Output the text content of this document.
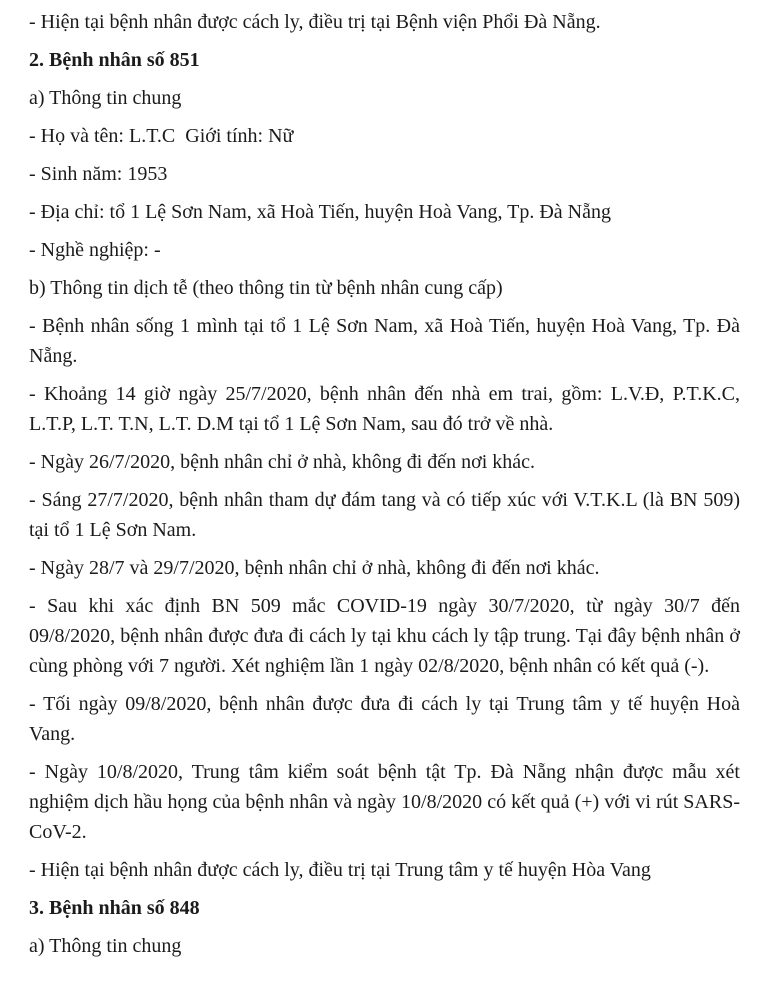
- Hiện tại bệnh nhân được cách ly, điều trị tại Bệnh viện Phổi Đà Nẵng.

2. Bệnh nhân số 851

a) Thông tin chung

- Họ và tên: L.T.C  Giới tính: Nữ

- Sinh năm: 1953

- Địa chỉ: tổ 1 Lệ Sơn Nam, xã Hoà Tiến, huyện Hoà Vang, Tp. Đà Nẵng

- Nghề nghiệp: -

b) Thông tin dịch tễ (theo thông tin từ bệnh nhân cung cấp)

- Bệnh nhân sống 1 mình tại tổ 1 Lệ Sơn Nam, xã Hoà Tiến, huyện Hoà Vang, Tp. Đà Nẵng.

- Khoảng 14 giờ ngày 25/7/2020, bệnh nhân đến nhà em trai, gồm: L.V.Đ, P.T.K.C, L.T.P, L.T. T.N, L.T. D.M tại tổ 1 Lệ Sơn Nam, sau đó trở về nhà.

- Ngày 26/7/2020, bệnh nhân chỉ ở nhà, không đi đến nơi khác.

- Sáng 27/7/2020, bệnh nhân tham dự đám tang và có tiếp xúc với V.T.K.L (là BN 509) tại tổ 1 Lệ Sơn Nam.

- Ngày 28/7 và 29/7/2020, bệnh nhân chỉ ở nhà, không đi đến nơi khác.

- Sau khi xác định BN 509 mắc COVID-19 ngày 30/7/2020, từ ngày 30/7 đến 09/8/2020, bệnh nhân được đưa đi cách ly tại khu cách ly tập trung. Tại đây bệnh nhân ở cùng phòng với 7 người. Xét nghiệm lần 1 ngày 02/8/2020, bệnh nhân có kết quả (-).

- Tối ngày 09/8/2020, bệnh nhân được đưa đi cách ly tại Trung tâm y tế huyện Hoà Vang.

- Ngày 10/8/2020, Trung tâm kiểm soát bệnh tật Tp. Đà Nẵng nhận được mẫu xét nghiệm dịch hầu họng của bệnh nhân và ngày 10/8/2020 có kết quả (+) với vi rút SARS-CoV-2.

- Hiện tại bệnh nhân được cách ly, điều trị tại Trung tâm y tế huyện Hòa Vang

3. Bệnh nhân số 848

a) Thông tin chung
